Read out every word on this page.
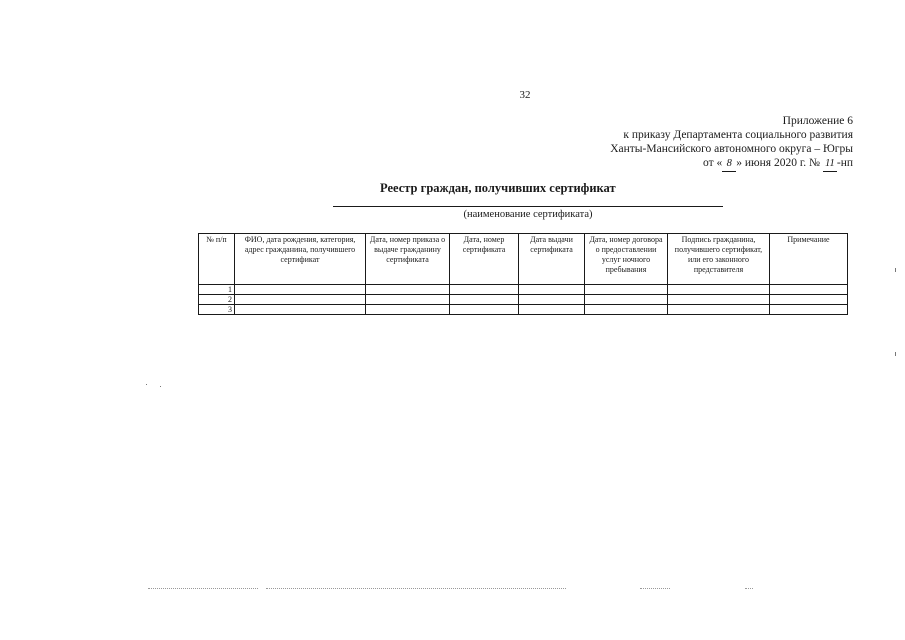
32
Приложение 6
к приказу Департамента социального развития
Ханты-Мансийского автономного округа – Югры
от « 8 » июня 2020 г. № 11 -нп
Реестр граждан, получивших сертификат
(наименование сертификата)
№ п/п	ФИО, дата рождения, категория, адрес гражданина, получившего сертификат	Дата, номер приказа о выдаче гражданину сертификата	Дата, номер сертификата	Дата выдачи сертификата	Дата, номер договора о предоставлении услуг ночного пребывания	Подпись гражданина, получившего сертификат, или его законного представителя	Примечание
1							
2							
3							
